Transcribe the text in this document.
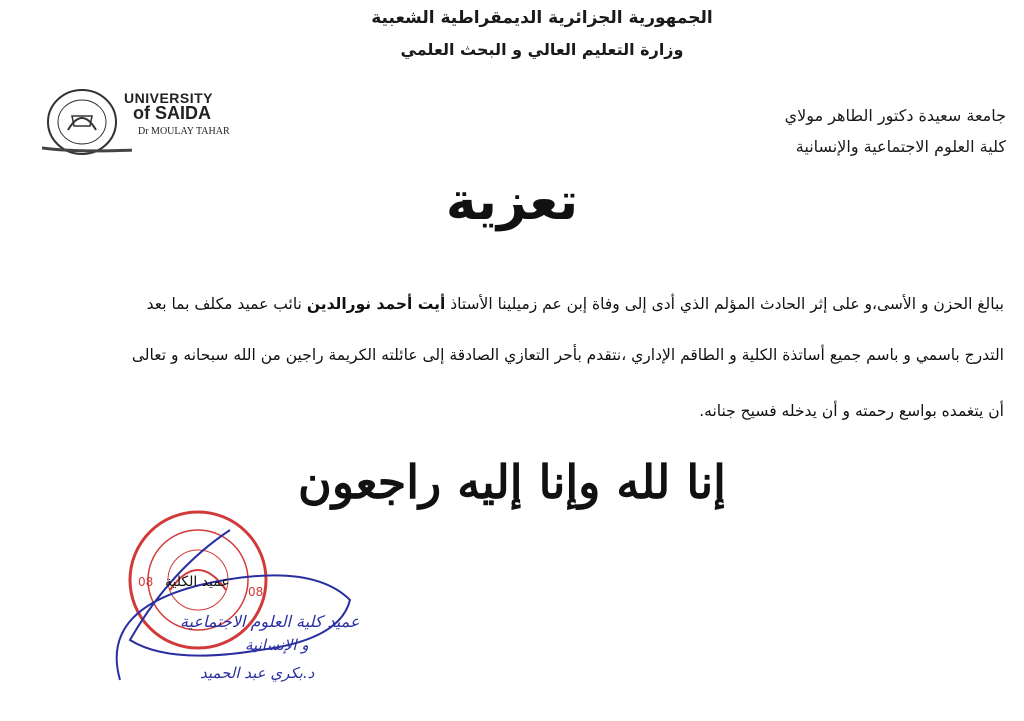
الجمهورية الجزائرية الديمقراطية الشعبية
وزارة التعليم العالي و البحث العلمي
UNIVERSITY
of SAIDA
Dr MOULAY TAHAR
جامعة سعيدة دكتور الطاهر مولاي
كلية العلوم الاجتماعية والإنسانية
تعزية
ببالغ الحزن و الأسى،و على إثر الحادث المؤلم الذي أدى إلى وفاة إبن عم زميلينا الأستاذ أيت أحمد نورالدين نائب عميد مكلف بما بعد
التدرج باسمي و باسم جميع أساتذة الكلية و الطاقم الإداري ،نتقدم بأحر التعازي الصادقة إلى عائلته الكريمة راجين من الله سبحانه و تعالى
أن يتغمده بواسع رحمته و أن يدخله فسيح جنانه.
إنا لله وإنا إليه راجعون
08
08
عميد الكلية
عميد كلية العلوم الاجتماعية
و الإنسانية
د.بكري عبد الحميد
